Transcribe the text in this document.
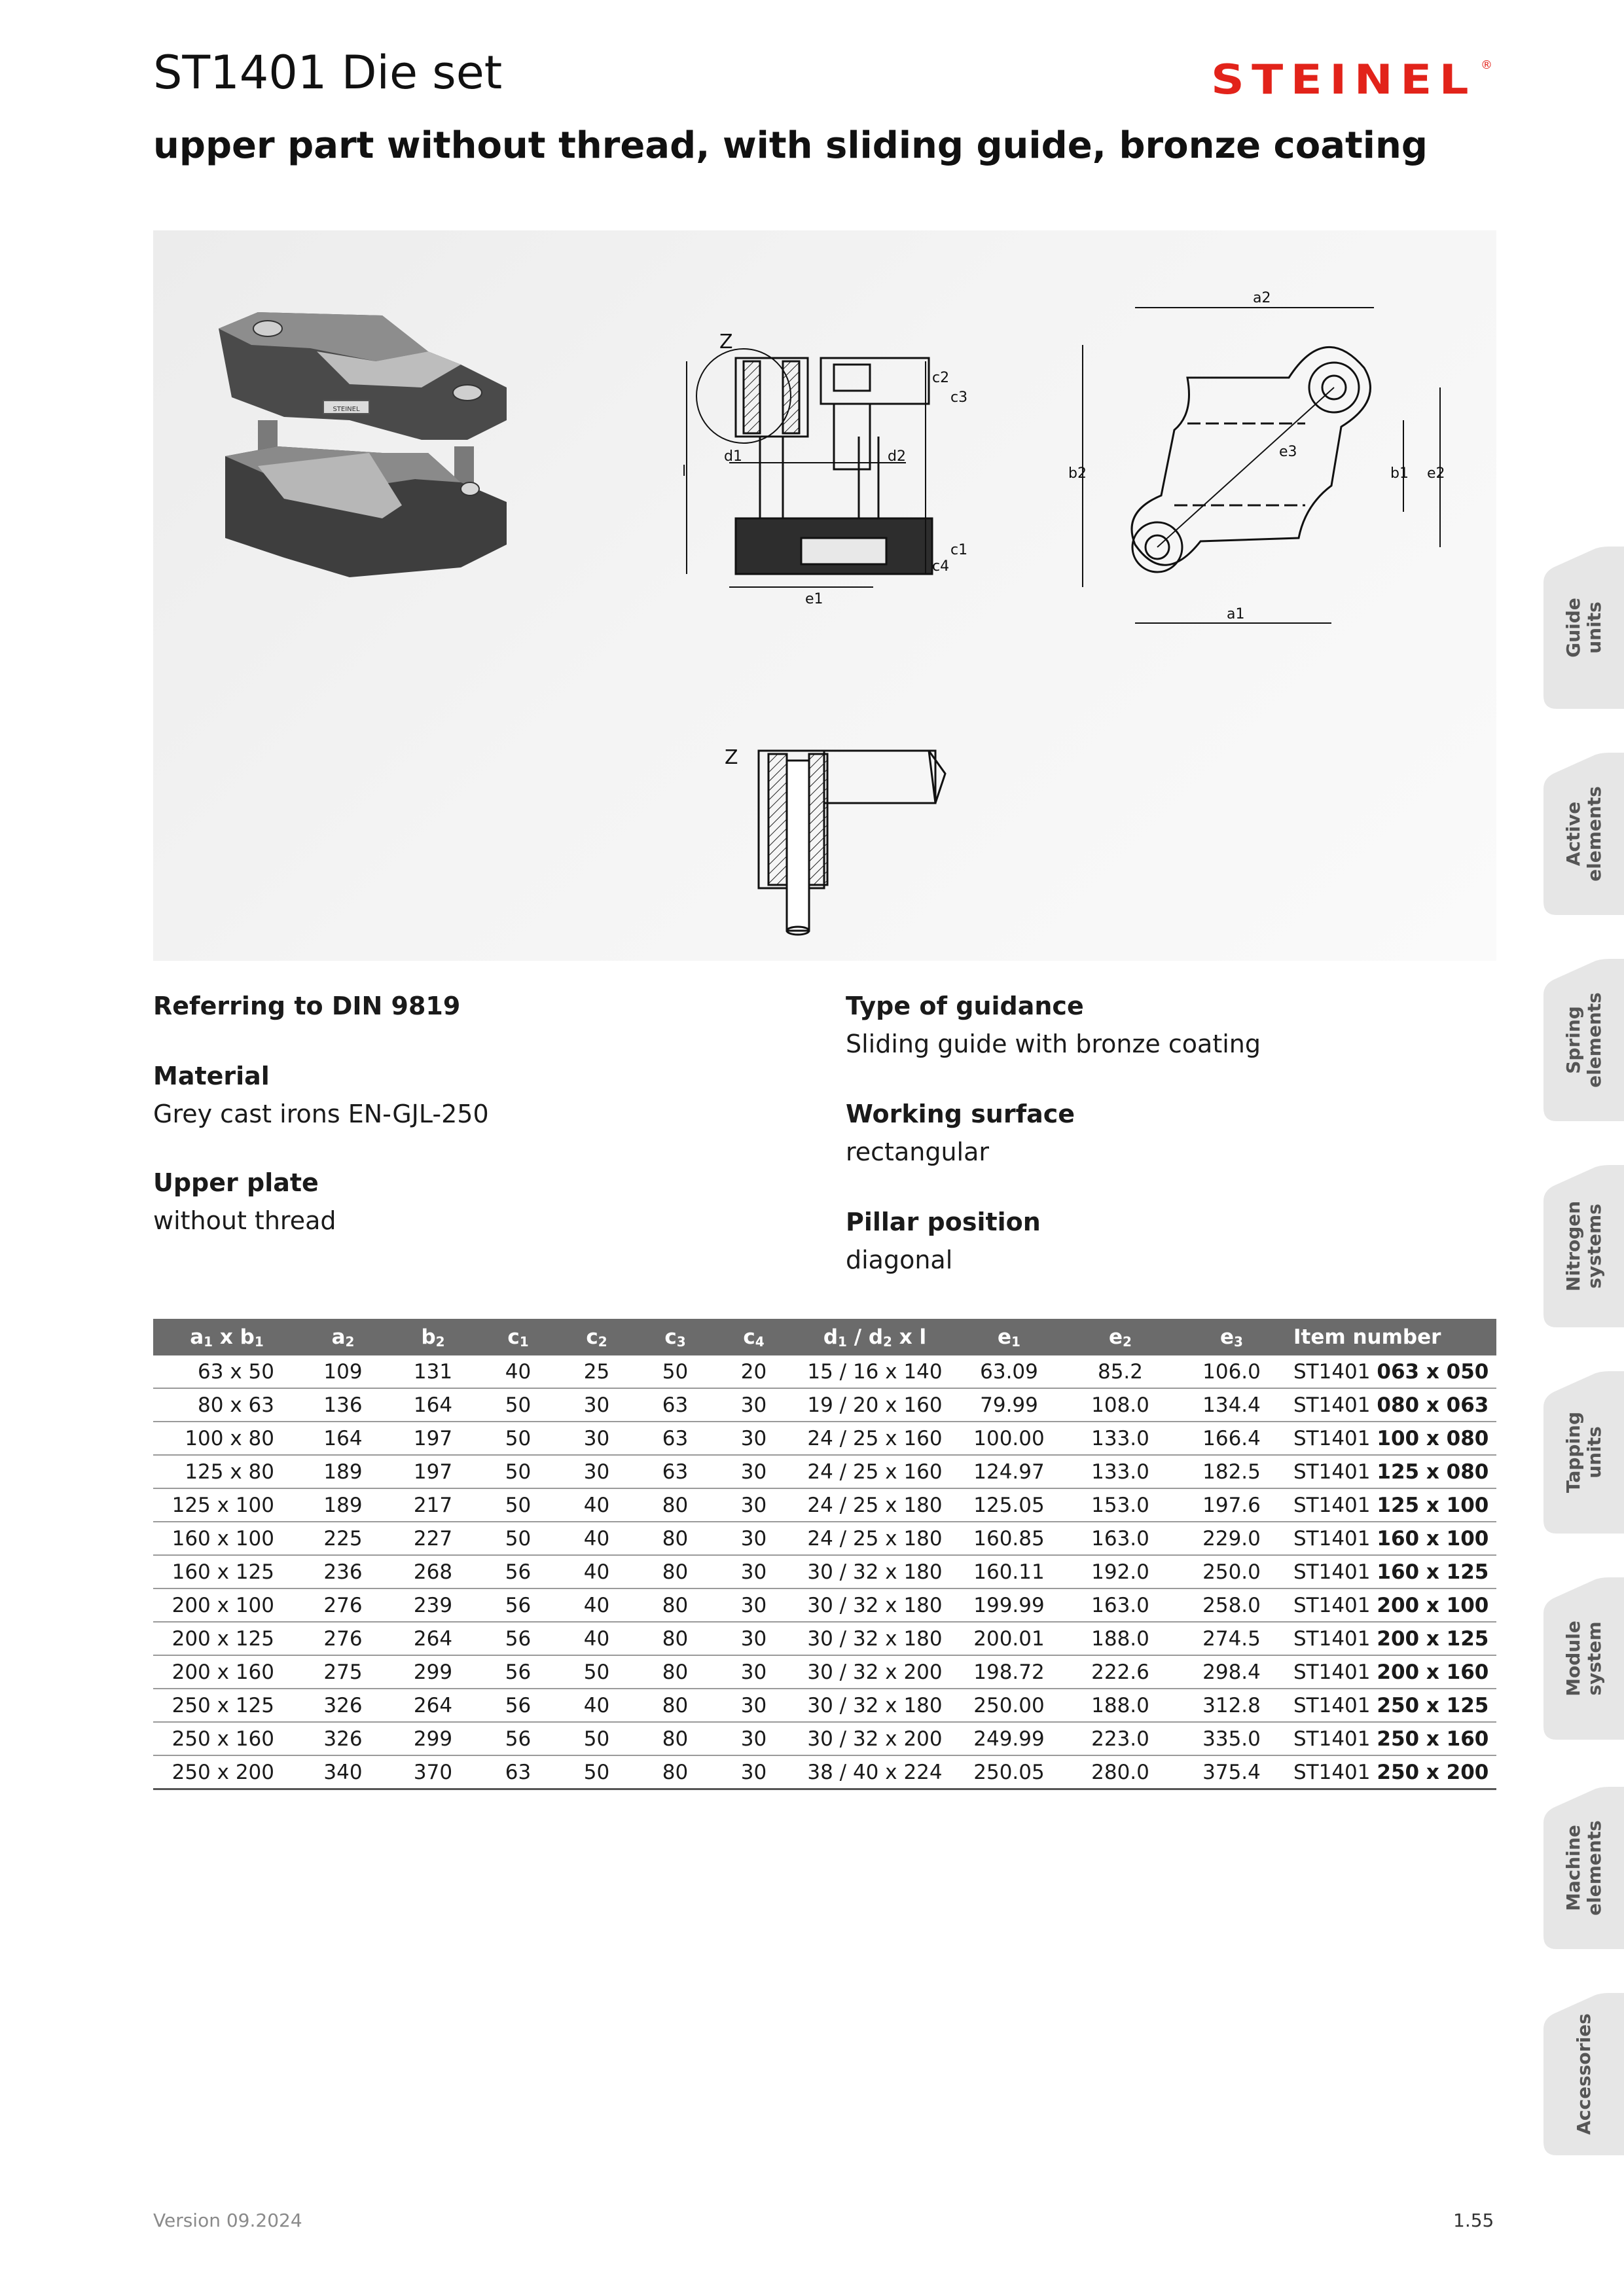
ST1401 Die set
upper part without thread, with sliding guide, bronze coating
STEINEL ®
STEINEL
Z
l
d1	d2
e1
c2
c3
c1
c4
a2
b2	b1 e2
e3
a1
Z
Referring to DIN 9819
Material
Grey cast irons EN-GJL-250
Upper plate
without thread
Type of guidance
Sliding guide with bronze coating
Working surface
rectangular
Pillar position
diagonal
$a_1$ x $b_1$	$a_2$	$b_2$	$c_1$	$c_2$	$c_3$	$c_4$	$d_1 / d_2$ x l	$e_1$	$e_2$	$e_3$	Item number
63 x 50	109	131	40	25	50	20	15 / 16 x 140	63.09	85.2	106.0	ST1401 063 x 050
80 x 63	136	164	50	30	63	30	19 / 20 x 160	79.99	108.0	134.4	ST1401 080 x 063
100 x 80	164	197	50	30	63	30	24 / 25 x 160	100.00	133.0	166.4	ST1401 100 x 080
125 x 80	189	197	50	30	63	30	24 / 25 x 160	124.97	133.0	182.5	ST1401 125 x 080
125 x 100	189	217	50	40	80	30	24 / 25 x 180	125.05	153.0	197.6	ST1401 125 x 100
160 x 100	225	227	50	40	80	30	24 / 25 x 180	160.85	163.0	229.0	ST1401 160 x 100
160 x 125	236	268	56	40	80	30	30 / 32 x 180	160.11	192.0	250.0	ST1401 160 x 125
200 x 100	276	239	56	40	80	30	30 / 32 x 180	199.99	163.0	258.0	ST1401 200 x 100
200 x 125	276	264	56	40	80	30	30 / 32 x 180	200.01	188.0	274.5	ST1401 200 x 125
200 x 160	275	299	56	50	80	30	30 / 32 x 200	198.72	222.6	298.4	ST1401 200 x 160
250 x 125	326	264	56	40	80	30	30 / 32 x 180	250.00	188.0	312.8	ST1401 250 x 125
250 x 160	326	299	56	50	80	30	30 / 32 x 200	249.99	223.0	335.0	ST1401 250 x 160
250 x 200	340	370	63	50	80	30	38 / 40 x 224	250.05	280.0	375.4	ST1401 250 x 200
Guide
units
Active
elements
Spring
elements
Nitrogen
systems
Tapping
units
Module
system
Machine
elements
Accessories
Version 09.2024	1.55
